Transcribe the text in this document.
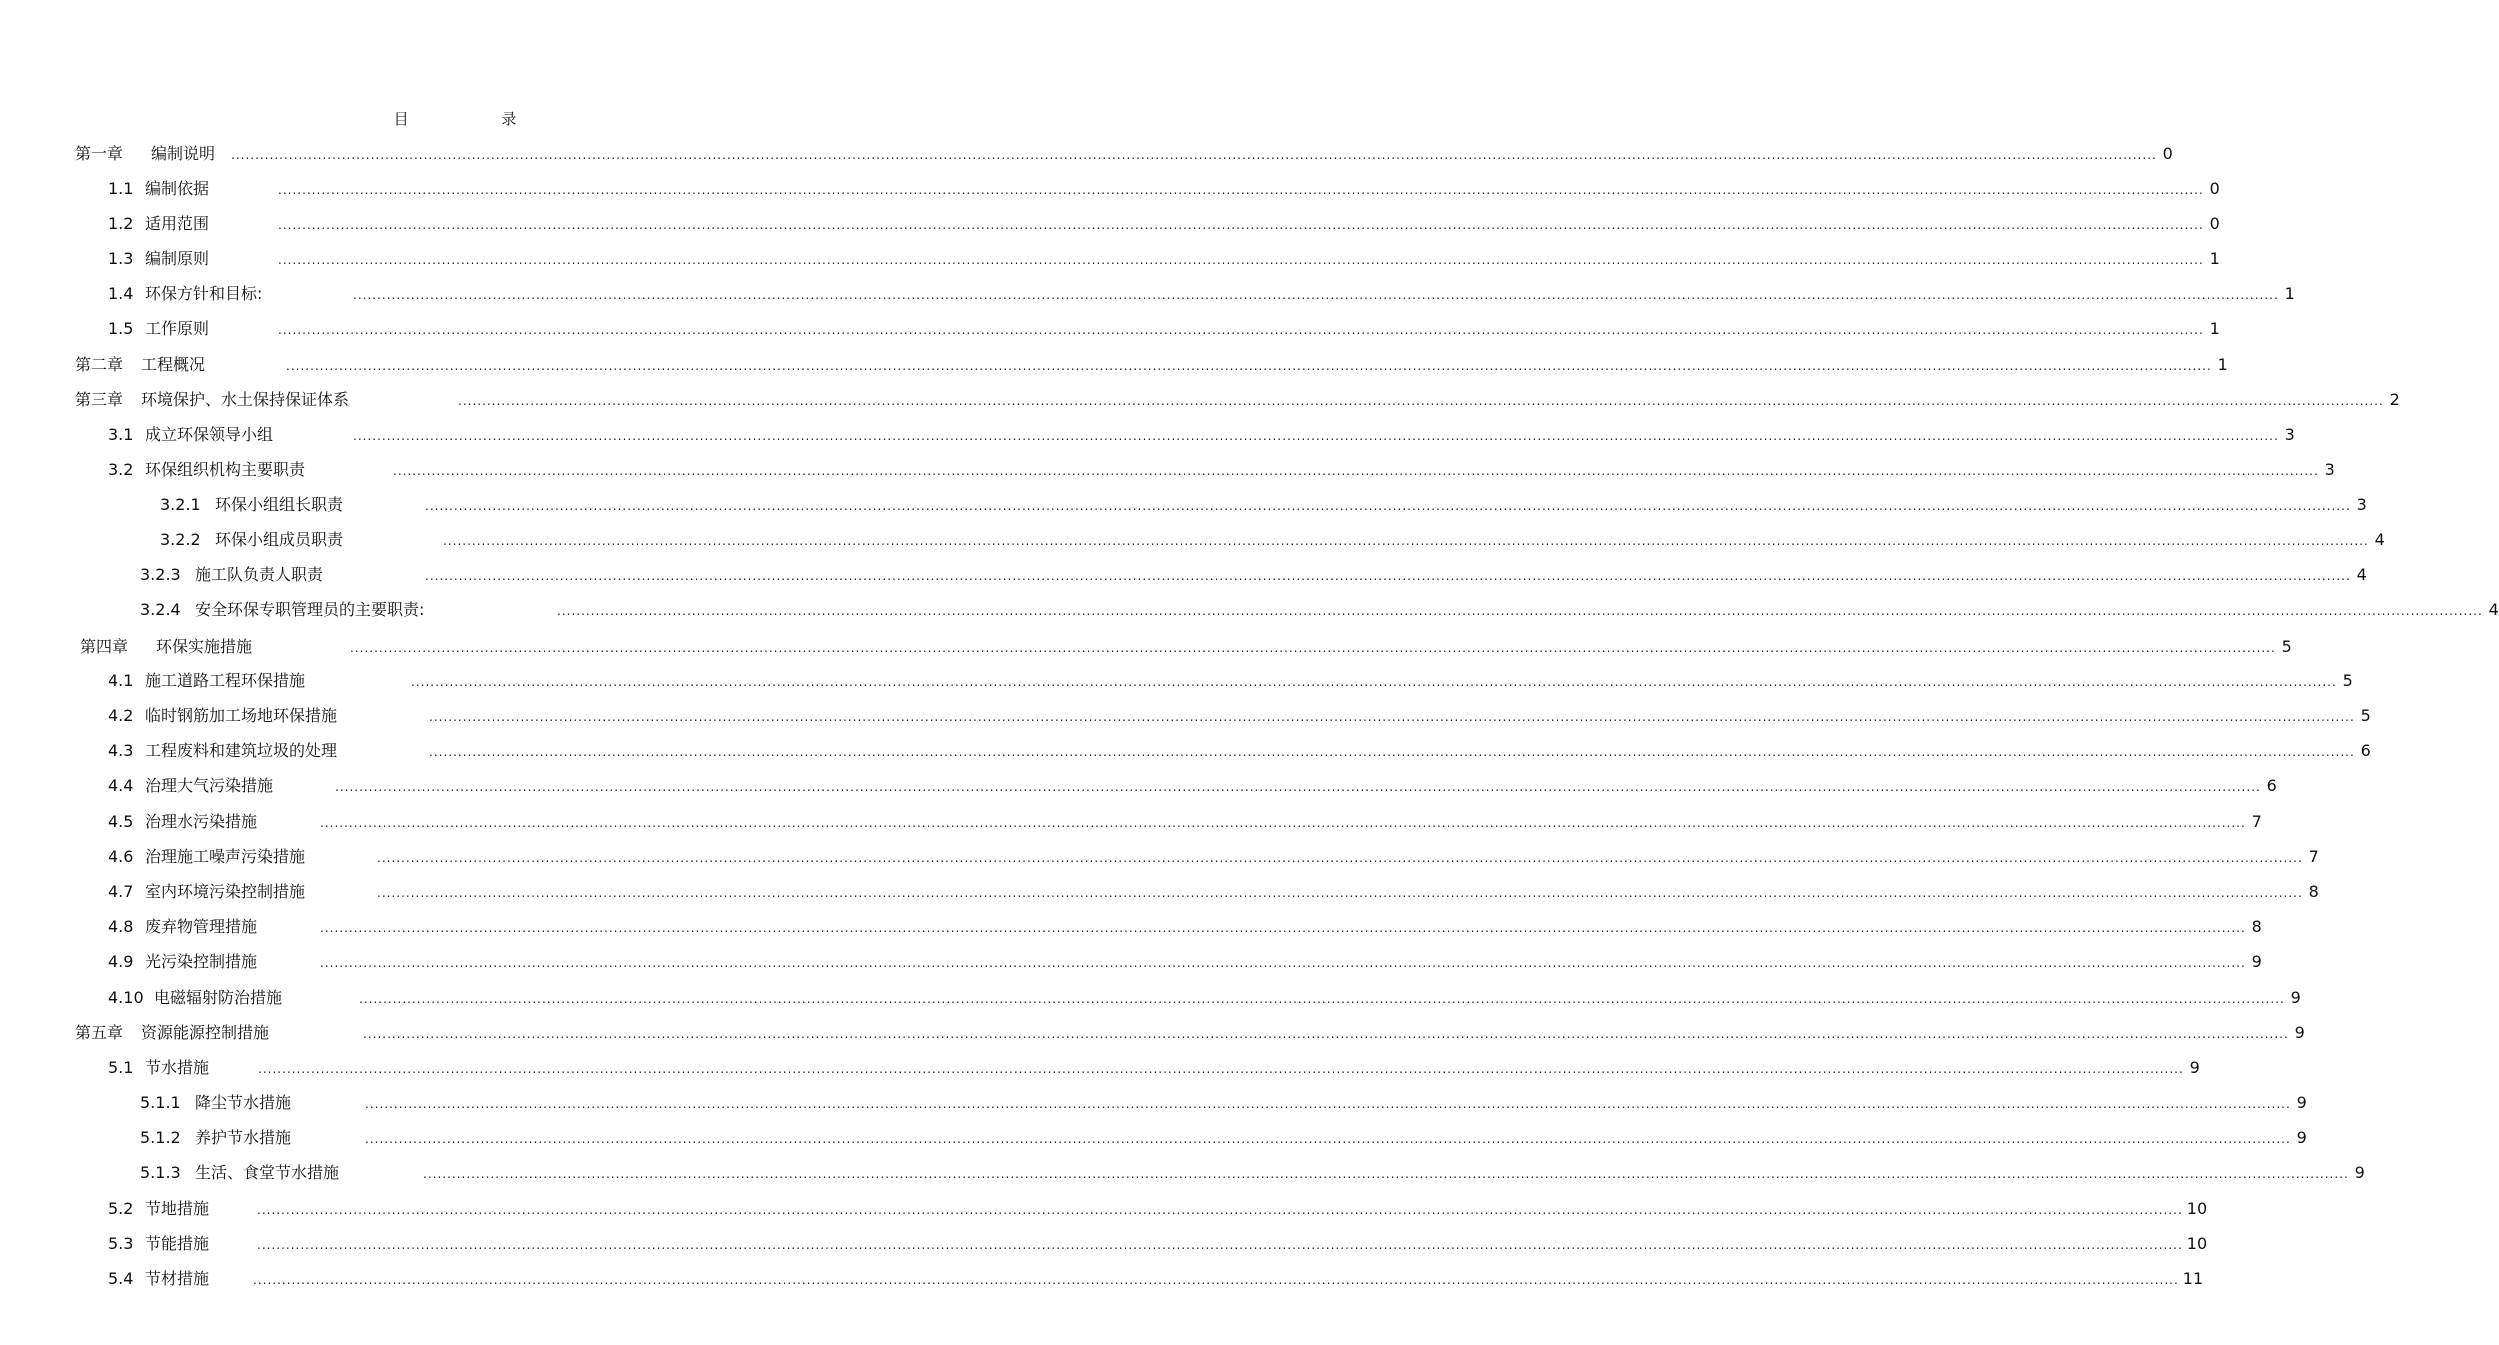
目 录
第一章	编制说明	................................................................................................................................................................................................................................................................................................................................................................................................................ 0
1.1 编制依据	................................................................................................................................................................................................................................................................................................................................................................................................................ 0
1.2 适用范围	................................................................................................................................................................................................................................................................................................................................................................................................................ 0
1.3 编制原则	................................................................................................................................................................................................................................................................................................................................................................................................................ 1
1.4 环保方针和目标:	................................................................................................................................................................................................................................................................................................................................................................................................................ 1
1.5 工作原则	................................................................................................................................................................................................................................................................................................................................................................................................................ 1
第二章	工程概况	................................................................................................................................................................................................................................................................................................................................................................................................................ 1
第三章	环境保护、水土保持保证体系	................................................................................................................................................................................................................................................................................................................................................................................................................ 2
3.1 成立环保领导小组	................................................................................................................................................................................................................................................................................................................................................................................................................ 3
3.2 环保组织机构主要职责	................................................................................................................................................................................................................................................................................................................................................................................................................ 3
3.2.1 环保小组组长职责	................................................................................................................................................................................................................................................................................................................................................................................................................ 3
3.2.2 环保小组成员职责	................................................................................................................................................................................................................................................................................................................................................................................................................ 4
3.2.3 施工队负责人职责	................................................................................................................................................................................................................................................................................................................................................................................................................ 4
3.2.4 安全环保专职管理员的主要职责:	................................................................................................................................................................................................................................................................................................................................................................................................................ 4
第四章	环保实施措施	................................................................................................................................................................................................................................................................................................................................................................................................................ 5
4.1 施工道路工程环保措施	................................................................................................................................................................................................................................................................................................................................................................................................................ 5
4.2 临时钢筋加工场地环保措施	................................................................................................................................................................................................................................................................................................................................................................................................................ 5
4.3 工程废料和建筑垃圾的处理	................................................................................................................................................................................................................................................................................................................................................................................................................ 6
4.4 治理大气污染措施	................................................................................................................................................................................................................................................................................................................................................................................................................ 6
4.5 治理水污染措施	................................................................................................................................................................................................................................................................................................................................................................................................................ 7
4.6 治理施工噪声污染措施	................................................................................................................................................................................................................................................................................................................................................................................................................ 7
4.7 室内环境污染控制措施	................................................................................................................................................................................................................................................................................................................................................................................................................ 8
4.8 废弃物管理措施	................................................................................................................................................................................................................................................................................................................................................................................................................ 8
4.9 光污染控制措施	................................................................................................................................................................................................................................................................................................................................................................................................................ 9
4.10 电磁辐射防治措施	................................................................................................................................................................................................................................................................................................................................................................................................................ 9
第五章	资源能源控制措施	................................................................................................................................................................................................................................................................................................................................................................................................................ 9
5.1 节水措施	................................................................................................................................................................................................................................................................................................................................................................................................................ 9
5.1.1 降尘节水措施	................................................................................................................................................................................................................................................................................................................................................................................................................ 9
5.1.2 养护节水措施	................................................................................................................................................................................................................................................................................................................................................................................................................ 9
5.1.3 生活、食堂节水措施	................................................................................................................................................................................................................................................................................................................................................................................................................ 9
5.2 节地措施	................................................................................................................................................................................................................................................................................................................................................................................................................ 10
5.3 节能措施	................................................................................................................................................................................................................................................................................................................................................................................................................ 10
5.4 节材措施	................................................................................................................................................................................................................................................................................................................................................................................................................ 11
